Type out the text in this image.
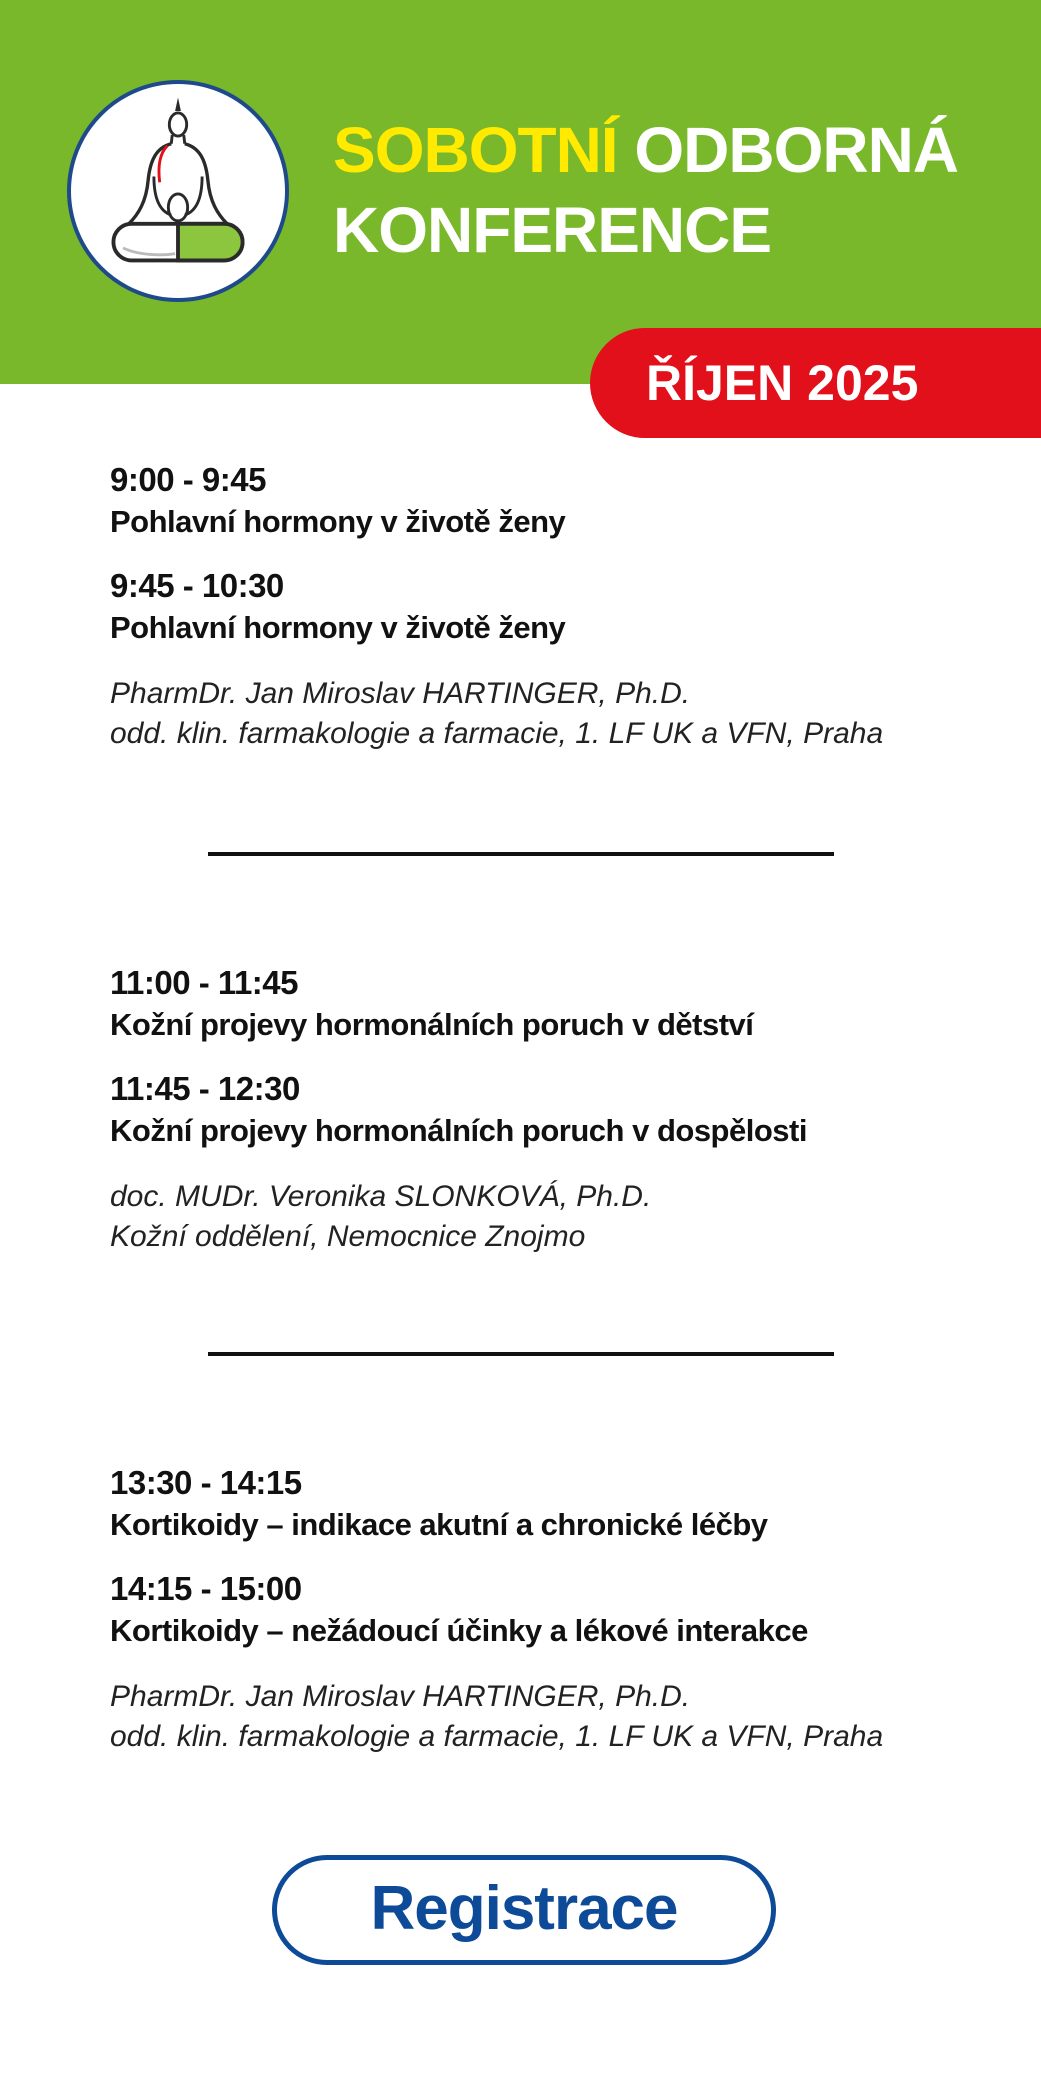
SOBOTNÍ ODBORNÁ
KONFERENCE
ŘÍJEN 2025
9:00 - 9:45
Pohlavní hormony v životě ženy
9:45 - 10:30
Pohlavní hormony v životě ženy
PharmDr. Jan Miroslav HARTINGER, Ph.D.
odd. klin. farmakologie a farmacie, 1. LF UK a VFN, Praha
11:00 - 11:45
Kožní projevy hormonálních poruch v dětství
11:45 - 12:30
Kožní projevy hormonálních poruch v dospělosti
doc. MUDr. Veronika SLONKOVÁ, Ph.D.
Kožní oddělení, Nemocnice Znojmo
13:30 - 14:15
Kortikoidy – indikace akutní a chronické léčby
14:15 - 15:00
Kortikoidy – nežádoucí účinky a lékové interakce
PharmDr. Jan Miroslav HARTINGER, Ph.D.
odd. klin. farmakologie a farmacie, 1. LF UK a VFN, Praha
Registrace
